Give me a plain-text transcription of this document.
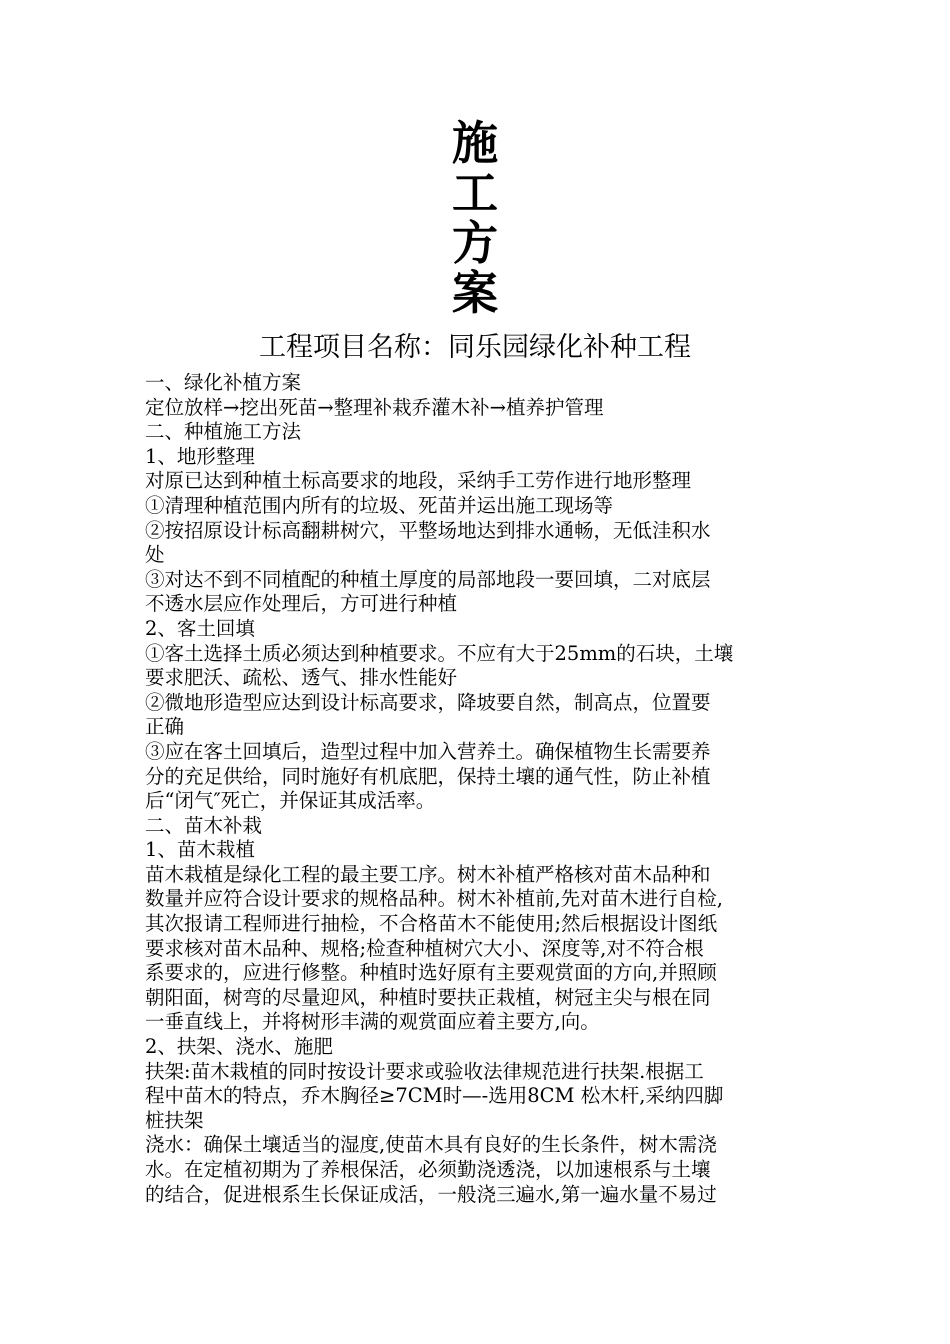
施
工
方
案
工程项目名称：同乐园绿化补种工程
一、绿化补植方案
定位放样→挖出死苗→整理补栽乔灌木补→植养护管理
二、种植施工方法
1、地形整理
对原已达到种植土标高要求的地段，采纳手工劳作进行地形整理
①清理种植范围内所有的垃圾、死苗并运出施工现场等
②按招原设计标高翻耕树穴，平整场地达到排水通畅，无低洼积水
处
③对达不到不同植配的种植土厚度的局部地段一要回填，二对底层
不透水层应作处理后，方可进行种植
2、客土回填
①客土选择土质必须达到种植要求。不应有大于25mm的石块，土壤
要求肥沃、疏松、透气、排水性能好
②微地形造型应达到设计标高要求，降坡要自然，制高点，位置要
正确
③应在客土回填后，造型过程中加入营养土。确保植物生长需要养
分的充足供给，同时施好有机底肥，保持土壤的通气性，防止补植
后“闭气″死亡，并保证其成活率。
二、苗木补栽
1、苗木栽植
苗木栽植是绿化工程的最主要工序。树木补植严格核对苗木品种和
数量并应符合设计要求的规格品种。树木补植前,先对苗木进行自检,
其次报请工程师进行抽检，不合格苗木不能使用;然后根据设计图纸
要求核对苗木品种、规格;检查种植树穴大小、深度等,对不符合根
系要求的，应进行修整。种植时选好原有主要观赏面的方向,并照顾
朝阳面，树弯的尽量迎风，种植时要扶正栽植，树冠主尖与根在同
一垂直线上，并将树形丰满的观赏面应着主要方,向。
2、扶架、浇水、施肥
扶架:苗木栽植的同时按设计要求或验收法律规范进行扶架.根据工
程中苗木的特点，乔木胸径≥7CM时—-选用8CM 松木杆,采纳四脚
桩扶架
浇水：确保土壤适当的湿度,使苗木具有良好的生长条件，树木需浇
水。在定植初期为了养根保活，必须勤浇透浇，以加速根系与土壤
的结合，促进根系生长保证成活，一般浇三遍水,第一遍水量不易过
